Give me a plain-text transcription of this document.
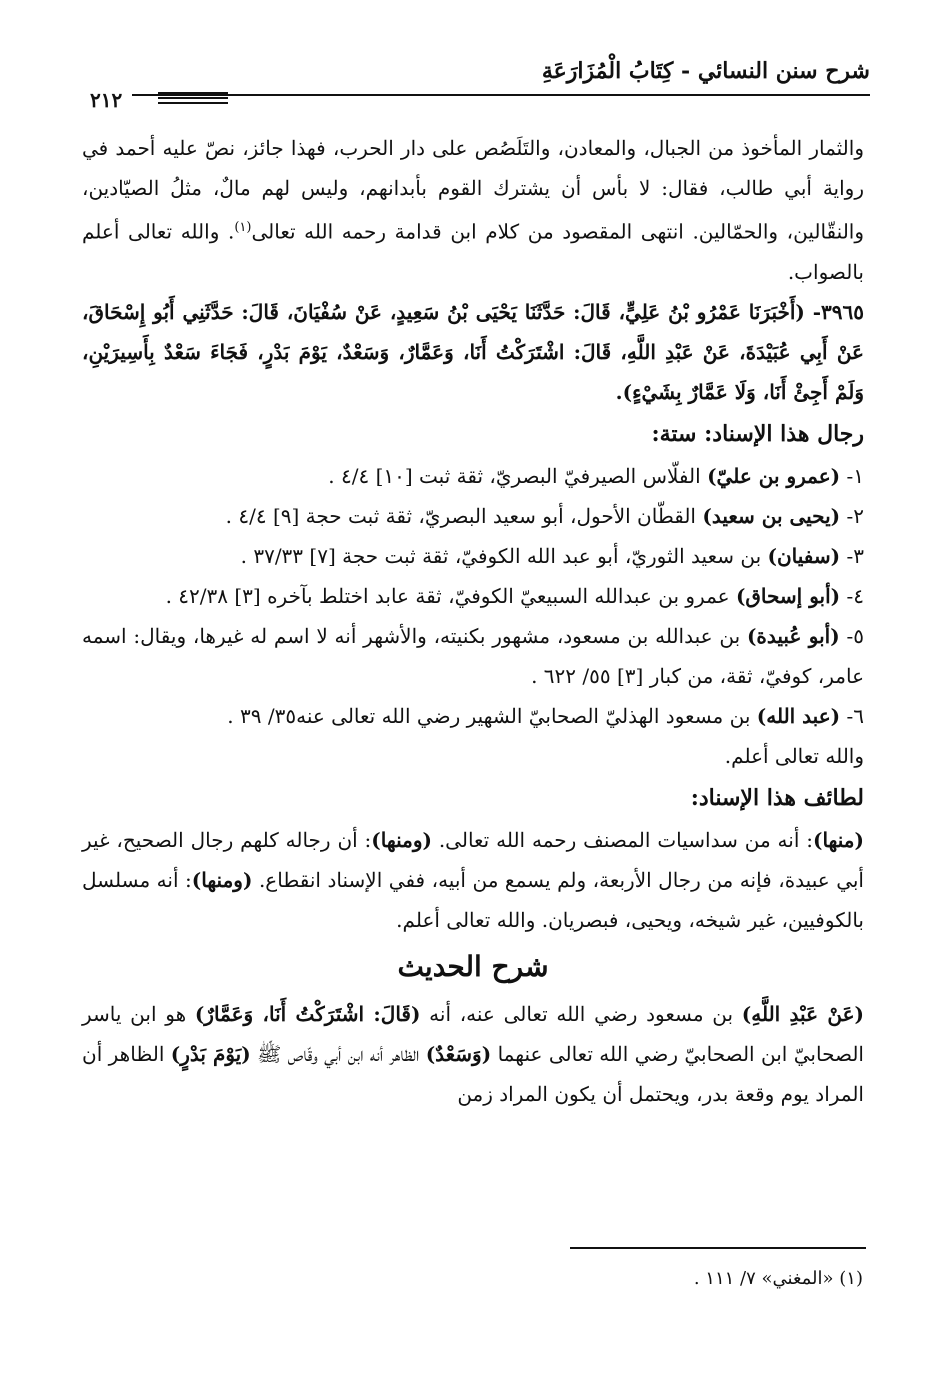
شرح سنن النسائي - كِتَابُ الْمُزَارَعَةِ
٢١٢

والثمار المأخوذ من الجبال، والمعادن، والتَلَصُص على دار الحرب، فهذا جائز، نصّ عليه أحمد في رواية أبي طالب، فقال: لا بأس أن يشترك القوم بأبدانهم، وليس لهم مالٌ، مثلُ الصيّادين، والنقّالين، والحمّالين. انتهى المقصود من كلام ابن قدامة رحمه الله تعالى$^{(١)}$. والله تعالى أعلم بالصواب.

٣٩٦٥- (أَخْبَرَنَا عَمْرُو بْنُ عَلِيٍّ، قَالَ: حَدَّثَنَا يَحْيَى بْنُ سَعِيدٍ، عَنْ سُفْيَانَ، قَالَ: حَدَّثَنِي أَبُو إِسْحَاقَ، عَنْ أَبِي عُبَيْدَةَ، عَنْ عَبْدِ اللَّهِ، قَالَ: اشْتَرَكْتُ أَنَا، وَعَمَّارٌ، وَسَعْدٌ، يَوْمَ بَدْرٍ، فَجَاءَ سَعْدٌ بِأَسِيرَيْنِ، وَلَمْ أَجِئْ أَنَا، وَلَا عَمَّارٌ بِشَيْءٍ).

رجال هذا الإسناد: ستة:

١- (عمرو بن عليّ) الفلّاس الصيرفيّ البصريّ، ثقة ثبت [١٠] ٤/٤ .

٢- (يحيى بن سعيد) القطّان الأحول، أبو سعيد البصريّ، ثقة ثبت حجة [٩] ٤/٤ .

٣- (سفيان) بن سعيد الثوريّ، أبو عبد الله الكوفيّ، ثقة ثبت حجة [٧] ٣٧/٣٣ .

٤- (أبو إسحاق) عمرو بن عبدالله السبيعيّ الكوفيّ، ثقة عابد اختلط بآخره [٣] ٤٢/٣٨ .

٥- (أبو عُبيدة) بن عبدالله بن مسعود، مشهور بكنيته، والأشهر أنه لا اسم له غيرها، ويقال: اسمه عامر، كوفيّ، ثقة، من كبار [٣] ٥٥/ ٦٢٢ .

٦- (عبد الله) بن مسعود الهذليّ الصحابيّ الشهير رضي الله تعالى عنه٣٥/ ٣٩ .

والله تعالى أعلم.

لطائف هذا الإسناد:

(منها): أنه من سداسيات المصنف رحمه الله تعالى. (ومنها): أن رجاله كلهم رجال الصحيح، غير أبي عبيدة، فإنه من رجال الأربعة، ولم يسمع من أبيه، ففي الإسناد انقطاع. (ومنها): أنه مسلسل بالكوفيين، غير شيخه، ويحيى، فبصريان. والله تعالى أعلم.

شرح الحديث

(عَنْ عَبْدِ اللَّهِ) بن مسعود رضي الله تعالى عنه، أنه (قَالَ: اشْتَرَكْتُ أَنَا، وَعَمَّارٌ) هو ابن ياسر الصحابيّ ابن الصحابيّ رضي الله تعالى عنهما (وَسَعْدٌ) الظاهر أنه ابن أبي وقّاص ﷺ (يَوْمَ بَدْرٍ) الظاهر أن المراد يوم وقعة بدر، ويحتمل أن يكون المراد زمن

(١) «المغني» ٧/ ١١١ .
